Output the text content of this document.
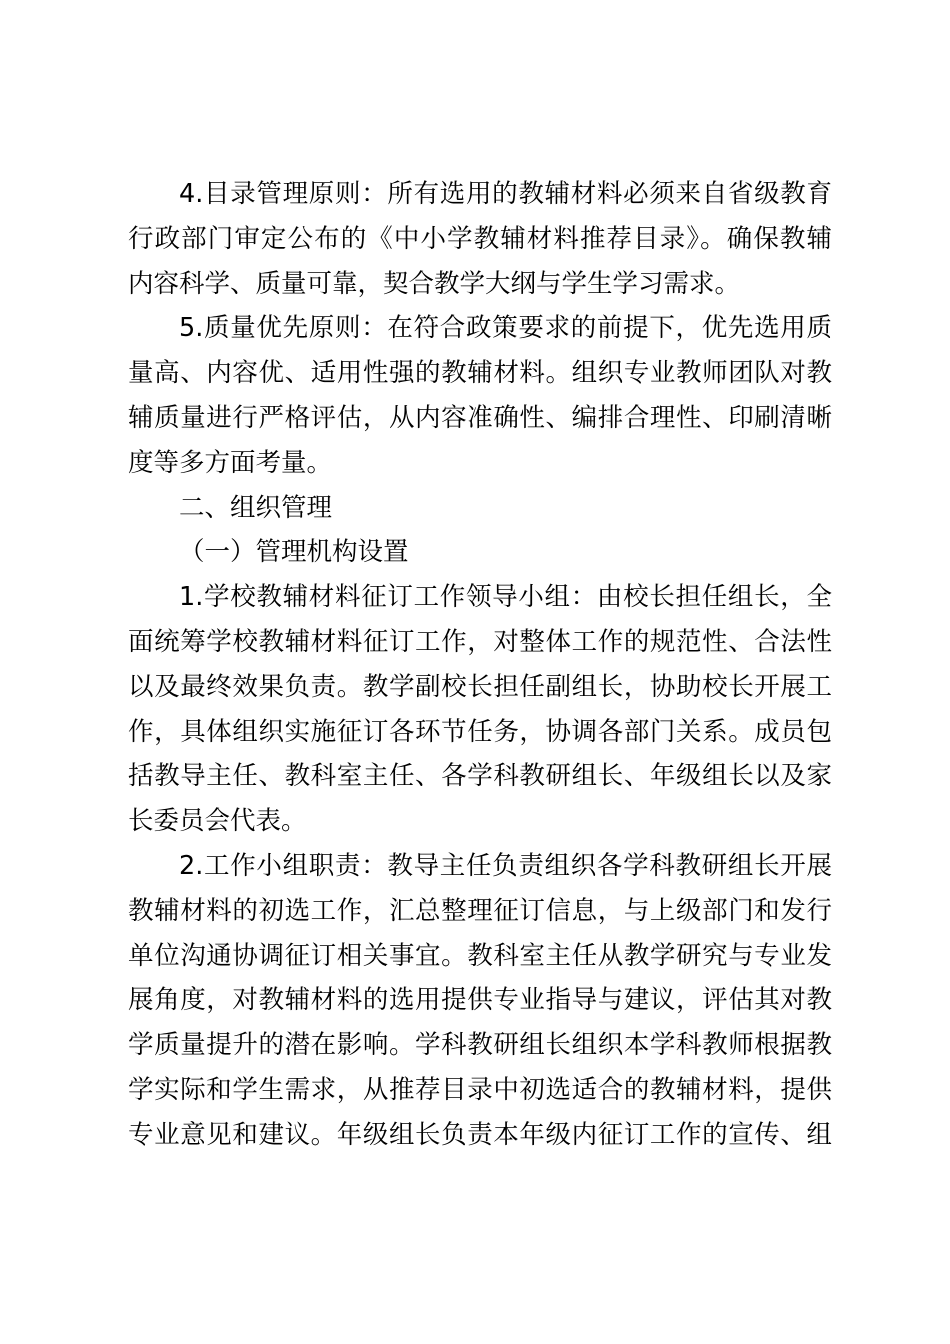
4.目录管理原则：所有选用的教辅材料必须来自省级教育
行政部门审定公布的《中小学教辅材料推荐目录》。确保教辅
内容科学、质量可靠，契合教学大纲与学生学习需求。
5.质量优先原则：在符合政策要求的前提下，优先选用质
量高、内容优、适用性强的教辅材料。组织专业教师团队对教
辅质量进行严格评估，从内容准确性、编排合理性、印刷清晰
度等多方面考量。
二、组织管理
（一）管理机构设置
1.学校教辅材料征订工作领导小组：由校长担任组长，全
面统筹学校教辅材料征订工作，对整体工作的规范性、合法性
以及最终效果负责。教学副校长担任副组长，协助校长开展工
作，具体组织实施征订各环节任务，协调各部门关系。成员包
括教导主任、教科室主任、各学科教研组长、年级组长以及家
长委员会代表。
2.工作小组职责：教导主任负责组织各学科教研组长开展
教辅材料的初选工作，汇总整理征订信息，与上级部门和发行
单位沟通协调征订相关事宜。教科室主任从教学研究与专业发
展角度，对教辅材料的选用提供专业指导与建议，评估其对教
学质量提升的潜在影响。学科教研组长组织本学科教师根据教
学实际和学生需求，从推荐目录中初选适合的教辅材料，提供
专业意见和建议。年级组长负责本年级内征订工作的宣传、组
